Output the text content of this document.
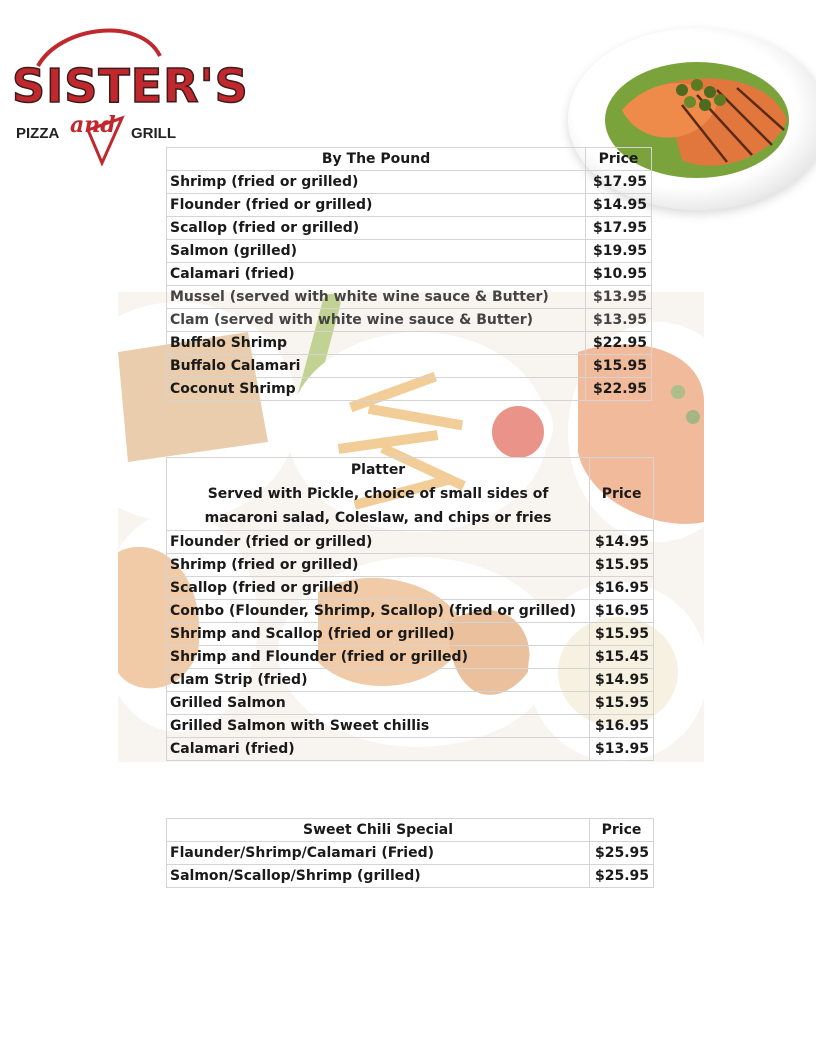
SISTER'S
PIZZA and GRILL
By The Pound	Price
Shrimp (fried or grilled)	$17.95
Flounder (fried or grilled)	$14.95
Scallop (fried or grilled)	$17.95
Salmon (grilled)	$19.95
Calamari (fried)	$10.95
Mussel (served with white wine sauce & Butter)	$13.95
Clam (served with white wine sauce & Butter)	$13.95
Buffalo Shrimp	$22.95
Buffalo Calamari	$15.95
Coconut Shrimp	$22.95
Platter
Served with Pickle, choice of small sides of macaroni salad, Coleslaw, and chips or fries	Price
Flounder (fried or grilled)	$14.95
Shrimp (fried or grilled)	$15.95
Scallop (fried or grilled)	$16.95
Combo (Flounder, Shrimp, Scallop) (fried or grilled)	$16.95
Shrimp and Scallop (fried or grilled)	$15.95
Shrimp and Flounder (fried or grilled)	$15.45
Clam Strip (fried)	$14.95
Grilled Salmon	$15.95
Grilled Salmon with Sweet chillis	$16.95
Calamari (fried)	$13.95
Sweet Chili Special	Price
Flaunder/Shrimp/Calamari (Fried)	$25.95
Salmon/Scallop/Shrimp (grilled)	$25.95
